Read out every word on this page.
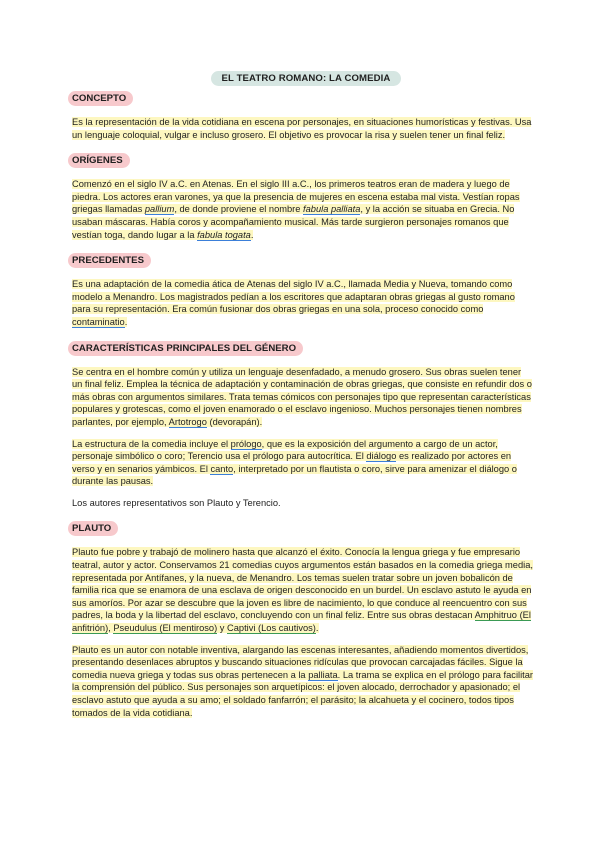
EL TEATRO ROMANO: LA COMEDIA
CONCEPTO

Es la representación de la vida cotidiana en escena por personajes, en situaciones humorísticas y festivas. Usa un lenguaje coloquial, vulgar e incluso grosero. El objetivo es provocar la risa y suelen tener un final feliz.

ORÍGENES

Comenzó en el siglo IV a.C. en Atenas. En el siglo III a.C., los primeros teatros eran de madera y luego de piedra. Los actores eran varones, ya que la presencia de mujeres en escena estaba mal vista. Vestían ropas griegas llamadas pallium, de donde proviene el nombre fabula palliata, y la acción se situaba en Grecia. No usaban máscaras. Había coros y acompañamiento musical. Más tarde surgieron personajes romanos que vestían toga, dando lugar a la fabula togata.

PRECEDENTES

Es una adaptación de la comedia ática de Atenas del siglo IV a.C., llamada Media y Nueva, tomando como modelo a Menandro. Los magistrados pedían a los escritores que adaptaran obras griegas al gusto romano para su representación. Era común fusionar dos obras griegas en una sola, proceso conocido como contaminatio.

CARACTERÍSTICAS PRINCIPALES DEL GÉNERO

Se centra en el hombre común y utiliza un lenguaje desenfadado, a menudo grosero. Sus obras suelen tener un final feliz. Emplea la técnica de adaptación y contaminación de obras griegas, que consiste en refundir dos o más obras con argumentos similares. Trata temas cómicos con personajes tipo que representan características populares y grotescas, como el joven enamorado o el esclavo ingenioso. Muchos personajes tienen nombres parlantes, por ejemplo, Artotrogo (devorapán).

La estructura de la comedia incluye el prólogo, que es la exposición del argumento a cargo de un actor, personaje simbólico o coro; Terencio usa el prólogo para autocrítica. El diálogo es realizado por actores en verso y en senarios yámbicos. El canto, interpretado por un flautista o coro, sirve para amenizar el diálogo o durante las pausas.

Los autores representativos son Plauto y Terencio.

PLAUTO

Plauto fue pobre y trabajó de molinero hasta que alcanzó el éxito. Conocía la lengua griega y fue empresario teatral, autor y actor. Conservamos 21 comedias cuyos argumentos están basados en la comedia griega media, representada por Antífanes, y la nueva, de Menandro. Los temas suelen tratar sobre un joven bobalicón de familia rica que se enamora de una esclava de origen desconocido en un burdel. Un esclavo astuto le ayuda en sus amoríos. Por azar se descubre que la joven es libre de nacimiento, lo que conduce al reencuentro con sus padres, la boda y la libertad del esclavo, concluyendo con un final feliz. Entre sus obras destacan Amphitruo (El anfitrión), Pseudulus (El mentiroso) y Captivi (Los cautivos).

Plauto es un autor con notable inventiva, alargando las escenas interesantes, añadiendo momentos divertidos, presentando desenlaces abruptos y buscando situaciones ridículas que provocan carcajadas fáciles. Sigue la comedia nueva griega y todas sus obras pertenecen a la palliata. La trama se explica en el prólogo para facilitar la comprensión del público. Sus personajes son arquetípicos: el joven alocado, derrochador y apasionado; el esclavo astuto que ayuda a su amo; el soldado fanfarrón; el parásito; la alcahueta y el cocinero, todos tipos tomados de la vida cotidiana.
